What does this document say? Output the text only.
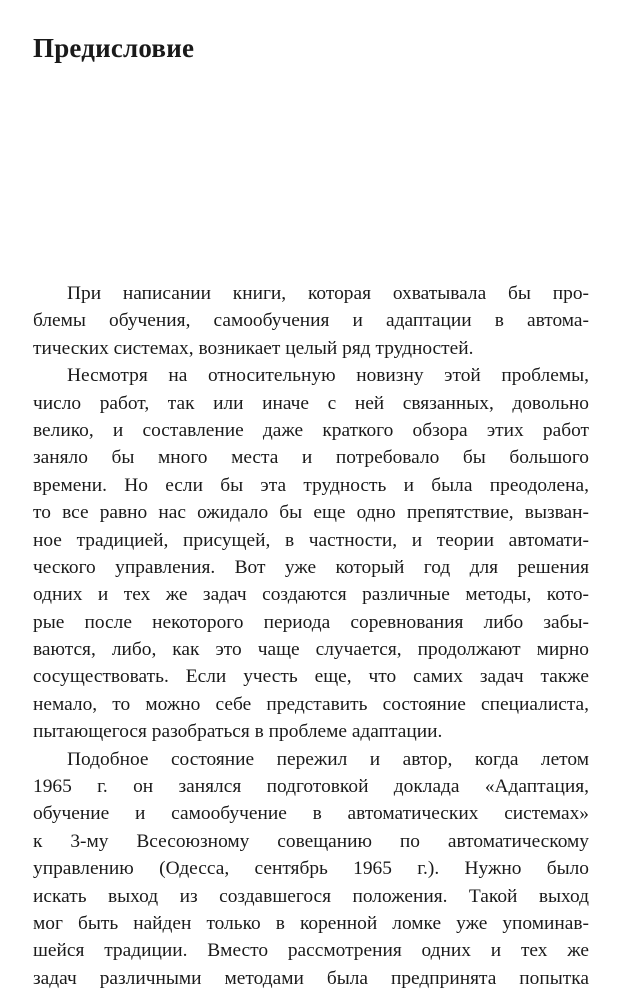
Предисловие
При написании книги, которая охватывала бы про-
блемы обучения, самообучения и адаптации в автома-
тических системах, возникает целый ряд трудностей.
Несмотря на относительную новизну этой проблемы,
число работ, так или иначе с ней связанных, довольно
велико, и составление даже краткого обзора этих работ
заняло бы много места и потребовало бы большого
времени. Но если бы эта трудность и была преодолена,
то все равно нас ожидало бы еще одно препятствие, вызван-
ное традицией, присущей, в частности, и теории автомати-
ческого управления. Вот уже который год для решения
одних и тех же задач создаются различные методы, кото-
рые после некоторого периода соревнования либо забы-
ваются, либо, как это чаще случается, продолжают мирно
сосуществовать. Если учесть еще, что самих задач также
немало, то можно себе представить состояние специалиста,
пытающегося разобраться в проблеме адаптации.
Подобное состояние пережил и автор, когда летом
1965 г. он занялся подготовкой доклада «Адаптация,
обучение и самообучение в автоматических системах»
к 3-му Всесоюзному совещанию по автоматическому
управлению (Одесса, сентябрь 1965 г.). Нужно было
искать выход из создавшегося положения. Такой выход
мог быть найден только в коренной ломке уже упоминав-
шейся традиции. Вместо рассмотрения одних и тех же
задач различными методами была предпринята попытка
